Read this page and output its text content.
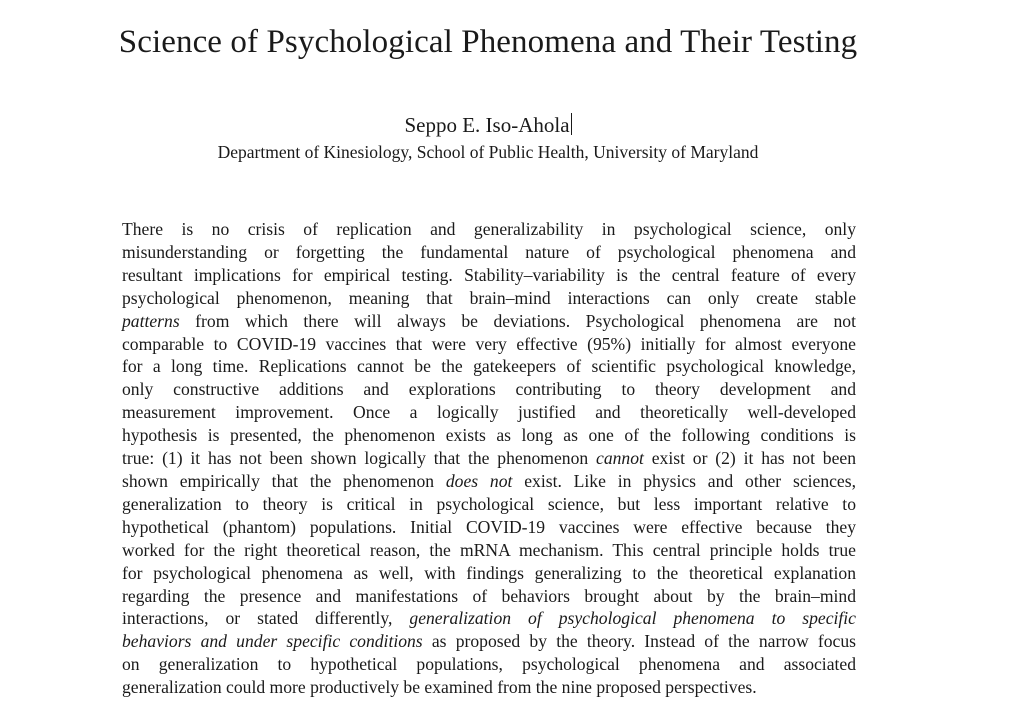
Science of Psychological Phenomena and Their Testing
Seppo E. Iso-Ahola
Department of Kinesiology, School of Public Health, University of Maryland
There is no crisis of replication and generalizability in psychological science, only
misunderstanding or forgetting the fundamental nature of psychological phenomena and
resultant implications for empirical testing. Stability–variability is the central feature of every
psychological phenomenon, meaning that brain–mind interactions can only create stable
patterns from which there will always be deviations. Psychological phenomena are not
comparable to COVID-19 vaccines that were very effective (95%) initially for almost everyone
for a long time. Replications cannot be the gatekeepers of scientific psychological knowledge,
only constructive additions and explorations contributing to theory development and
measurement improvement. Once a logically justified and theoretically well-developed
hypothesis is presented, the phenomenon exists as long as one of the following conditions is
true: (1) it has not been shown logically that the phenomenon cannot exist or (2) it has not been
shown empirically that the phenomenon does not exist. Like in physics and other sciences,
generalization to theory is critical in psychological science, but less important relative to
hypothetical (phantom) populations. Initial COVID-19 vaccines were effective because they
worked for the right theoretical reason, the mRNA mechanism. This central principle holds true
for psychological phenomena as well, with findings generalizing to the theoretical explanation
regarding the presence and manifestations of behaviors brought about by the brain–mind
interactions, or stated differently, generalization of psychological phenomena to specific
behaviors and under specific conditions as proposed by the theory. Instead of the narrow focus
on generalization to hypothetical populations, psychological phenomena and associated
generalization could more productively be examined from the nine proposed perspectives.
